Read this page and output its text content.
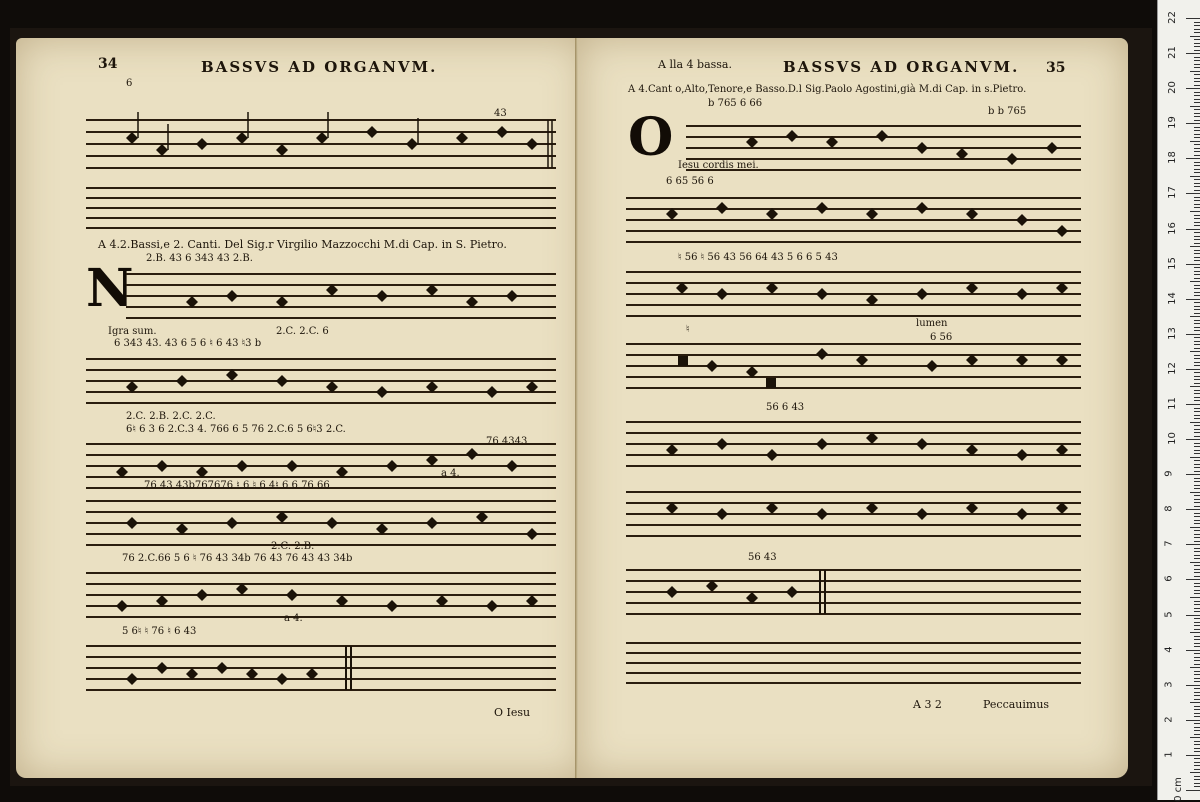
34	BASSVS AD ORGANVM.
6
43
A 4.2.Bassi,e 2. Canti. Del Sig.r Virgilio Mazzocchi M.di Cap. in S. Pietro.
N 2.B. 43 6 343 43 2.B.
Igra sum.	2.C. 2.C. 6
6 343 43. 43 6 5 6 ♮ 6 43 ♮3 b
2.C. 2.B. 2.C. 2.C.
6♮ 6 3 6 2.C.3 4. 766 6 5 76 2.C.6 5 6♮3 2.C.
76 4343
a 4.
76 43 43b767676 ♮ 6 ♮ 6 4♮ 6 6 76 66
2.C. 2.B.
76 2.C.66 5 6 ♮ 76 43 34b 76 43 76 43 43 34b
5 6♮ ♮ 76 ♮ 6 43
a 4.
O Iesu
A lla 4 bassa.	BASSVS AD ORGANVM. 35
A 4.Cant o,Alto,Tenore,e Basso.D.l Sig.Paolo Agostini,già M.di Cap. in s.Pietro.
O
b 765 6 66
b b 765
Iesu cordis mei.
6 65 56 6
♮ 56 ♮ 56 43 56 64 43 5 6 6 5 43
lumen
♮
6 56
56 6 43
56 43
A 3 2	Peccauimus
22
21
20
19
18
17
16
15
14
13
12
11
10
9
8
7
6
5
4
3
2
1
0 cm
